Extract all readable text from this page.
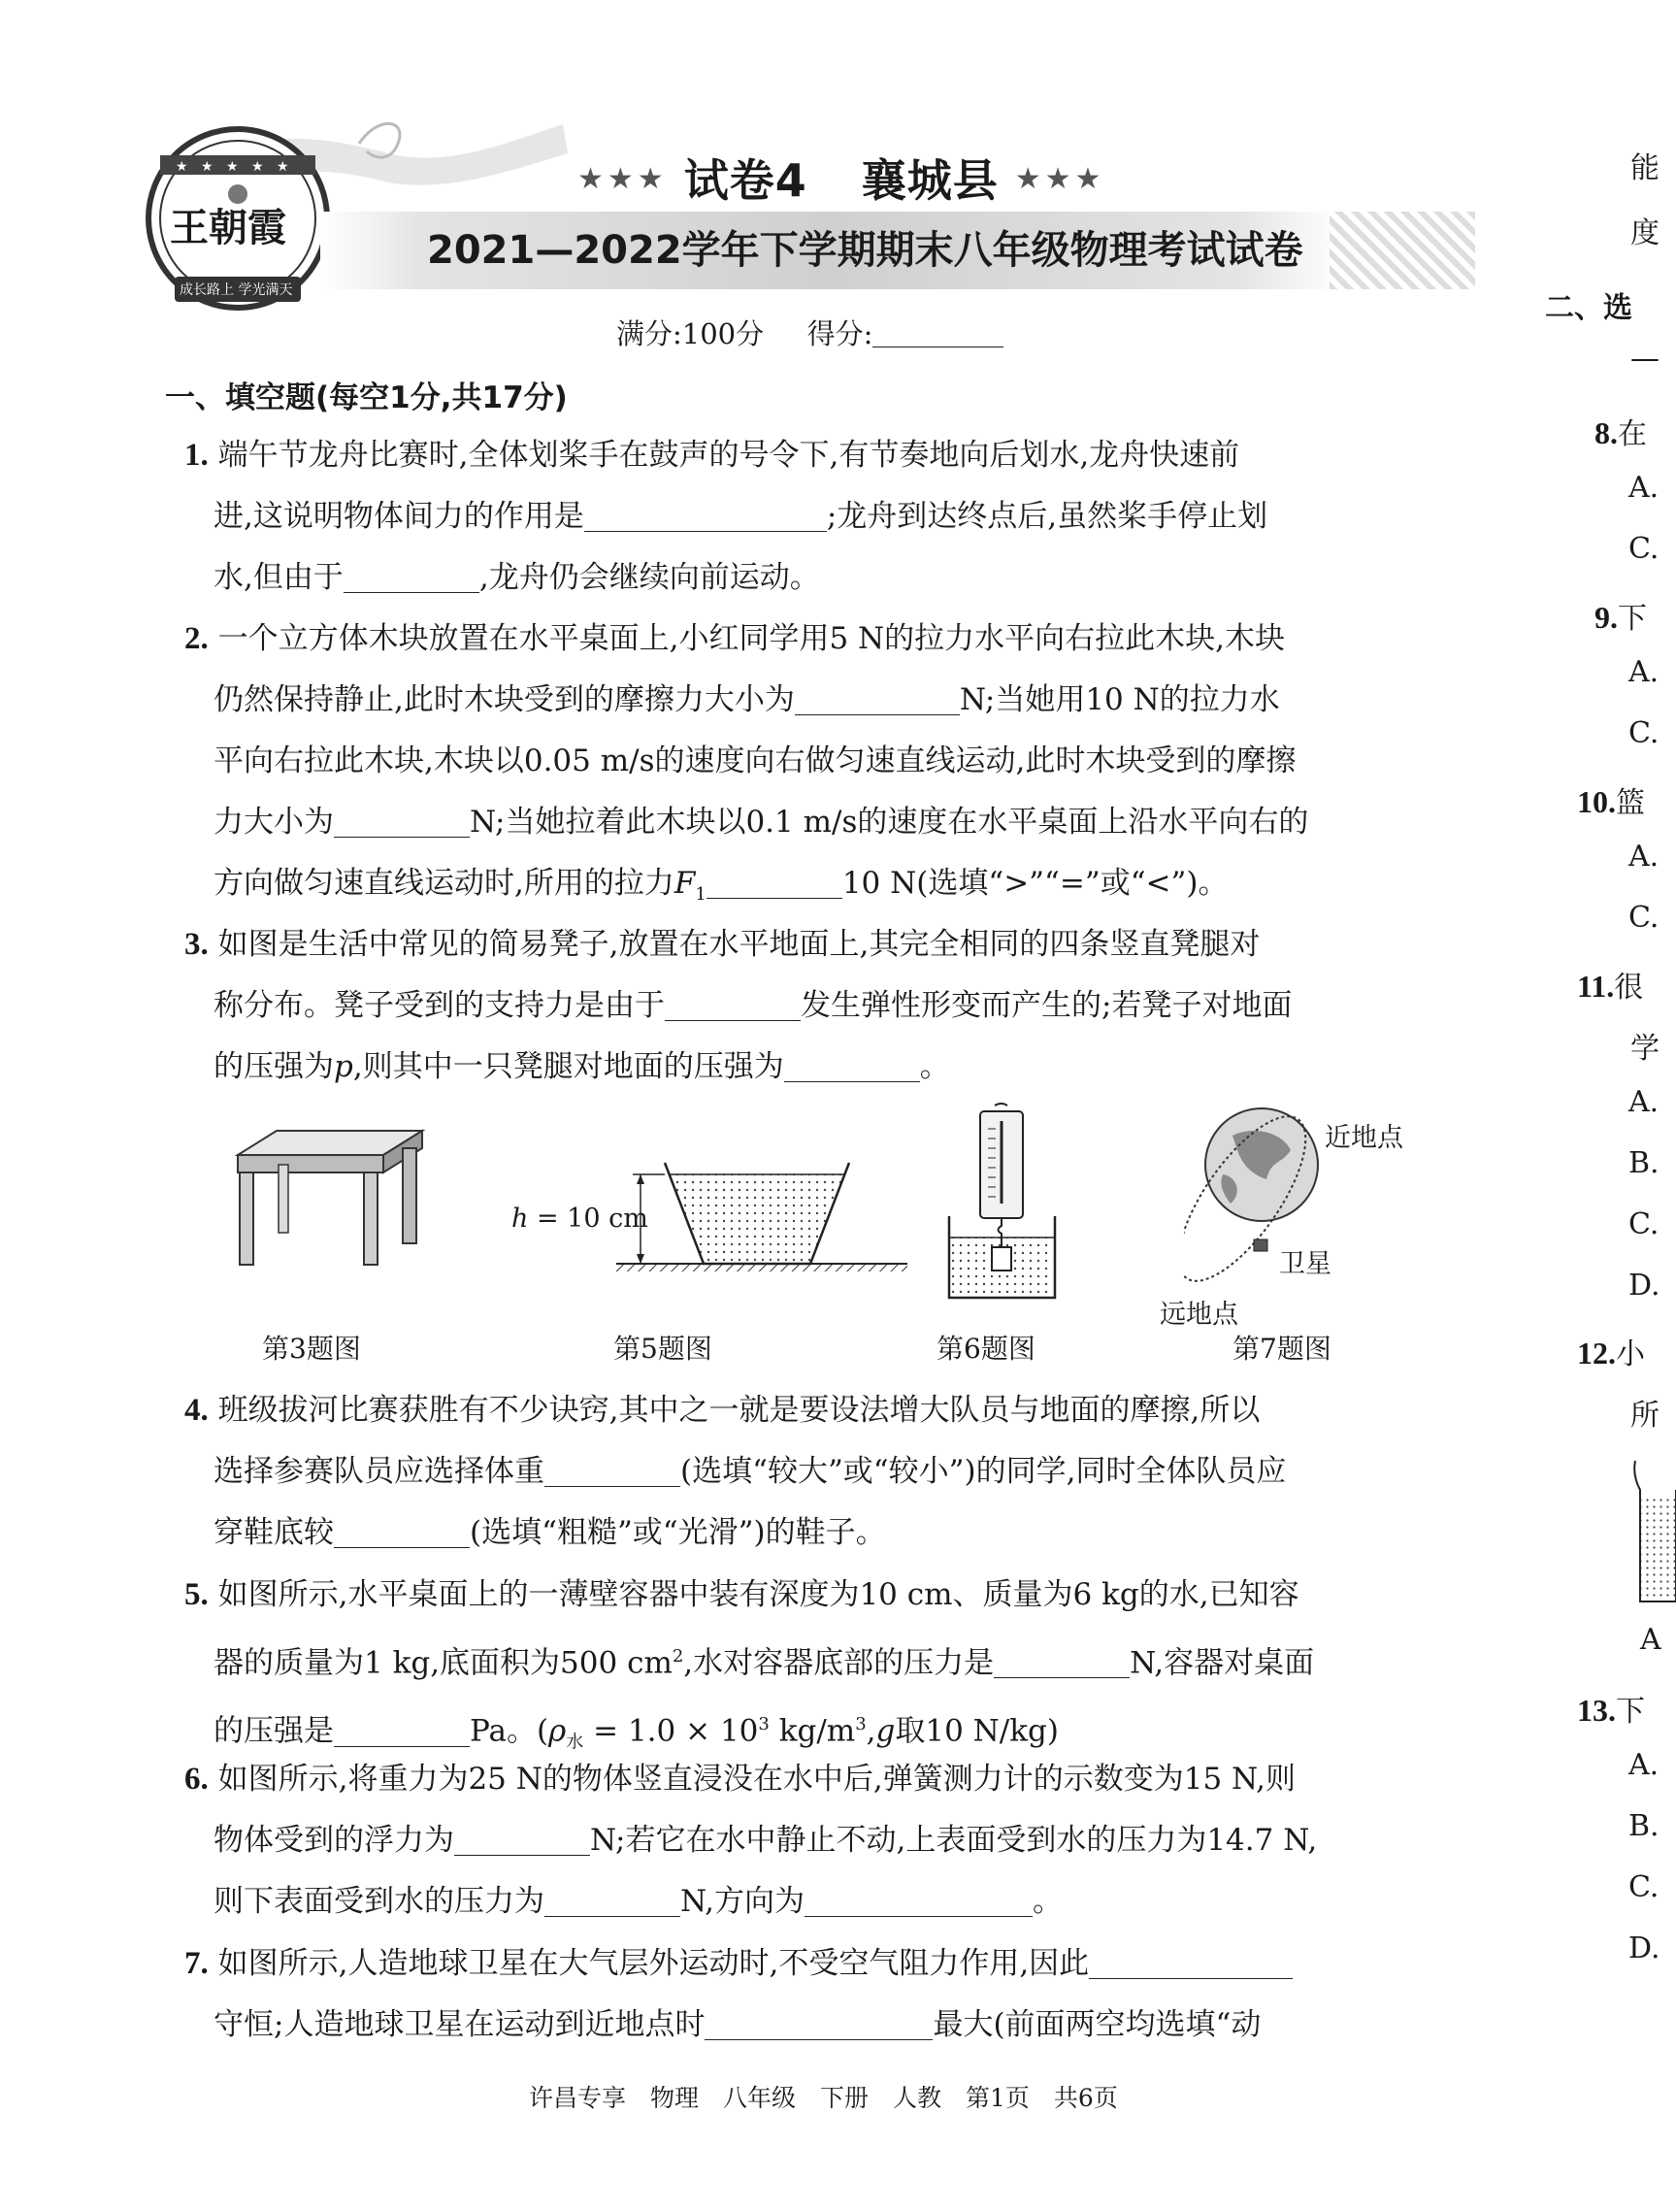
★ ★ ★ ★ ★
王朝霞
成长路上 学光满天
★★★ 试卷4 襄城县 ★★★
2021—2022学年下学期期末八年级物理考试试卷
满分:100分 得分:
一、填空题(每空1分,共17分)
1. 端午节龙舟比赛时,全体划桨手在鼓声的号令下,有节奏地向后划水,龙舟快速前
进,这说明物体间力的作用是	;龙舟到达终点后,虽然桨手停止划
水,但由于	,龙舟仍会继续向前运动。
2. 一个立方体木块放置在水平桌面上,小红同学用5 N的拉力水平向右拉此木块,木块
仍然保持静止,此时木块受到的摩擦力大小为	N;当她用10 N的拉力水
平向右拉此木块,木块以0.05 m/s的速度向右做匀速直线运动,此时木块受到的摩擦
力大小为	N;当她拉着此木块以0.1 m/s的速度在水平桌面上沿水平向右的
方向做匀速直线运动时,所用的拉力$F_1$	10 N(选填“>”“=”或“<”)。
3. 如图是生活中常见的简易凳子,放置在水平地面上,其完全相同的四条竖直凳腿对
称分布。凳子受到的支持力是由于	发生弹性形变而产生的;若凳子对地面
的压强为p,则其中一只凳腿对地面的压强为	。
第3题图
h = 10 cm
第5题图	第6题图
近地点
卫星
远地点
第7题图
4. 班级拔河比赛获胜有不少诀窍,其中之一就是要设法增大队员与地面的摩擦,所以
选择参赛队员应选择体重	(选填“较大”或“较小”)的同学,同时全体队员应
穿鞋底较	(选填“粗糙”或“光滑”)的鞋子。
5. 如图所示,水平桌面上的一薄壁容器中装有深度为10 cm、质量为6 kg的水,已知容
器的质量为1 kg,底面积为500 $cm^2$,水对容器底部的压力是	N,容器对桌面
的压强是	Pa。($\rho_水 = 1.0 \times 10^3$ $kg/m^3,g$取10 N/kg)
6. 如图所示,将重力为25 N的物体竖直浸没在水中后,弹簧测力计的示数变为15 N,则
物体受到的浮力为	N;若它在水中静止不动,上表面受到水的压力为14.7 N,
则下表面受到水的压力为	N,方向为	。
7. 如图所示,人造地球卫星在大气层外运动时,不受空气阻力作用,因此
守恒;人造地球卫星在运动到近地点时	最大(前面两空均选填“动
许昌专享　物理　八年级　下册　人教　第1页　共6页
能
度
二、选
—
8.在
A.
C.
9.下
A.
C.
10.篮
A.
C.
11.很
学
A.
B.
C.
D.
12.小
所
A
13.下
A.
B.
C.
D.
